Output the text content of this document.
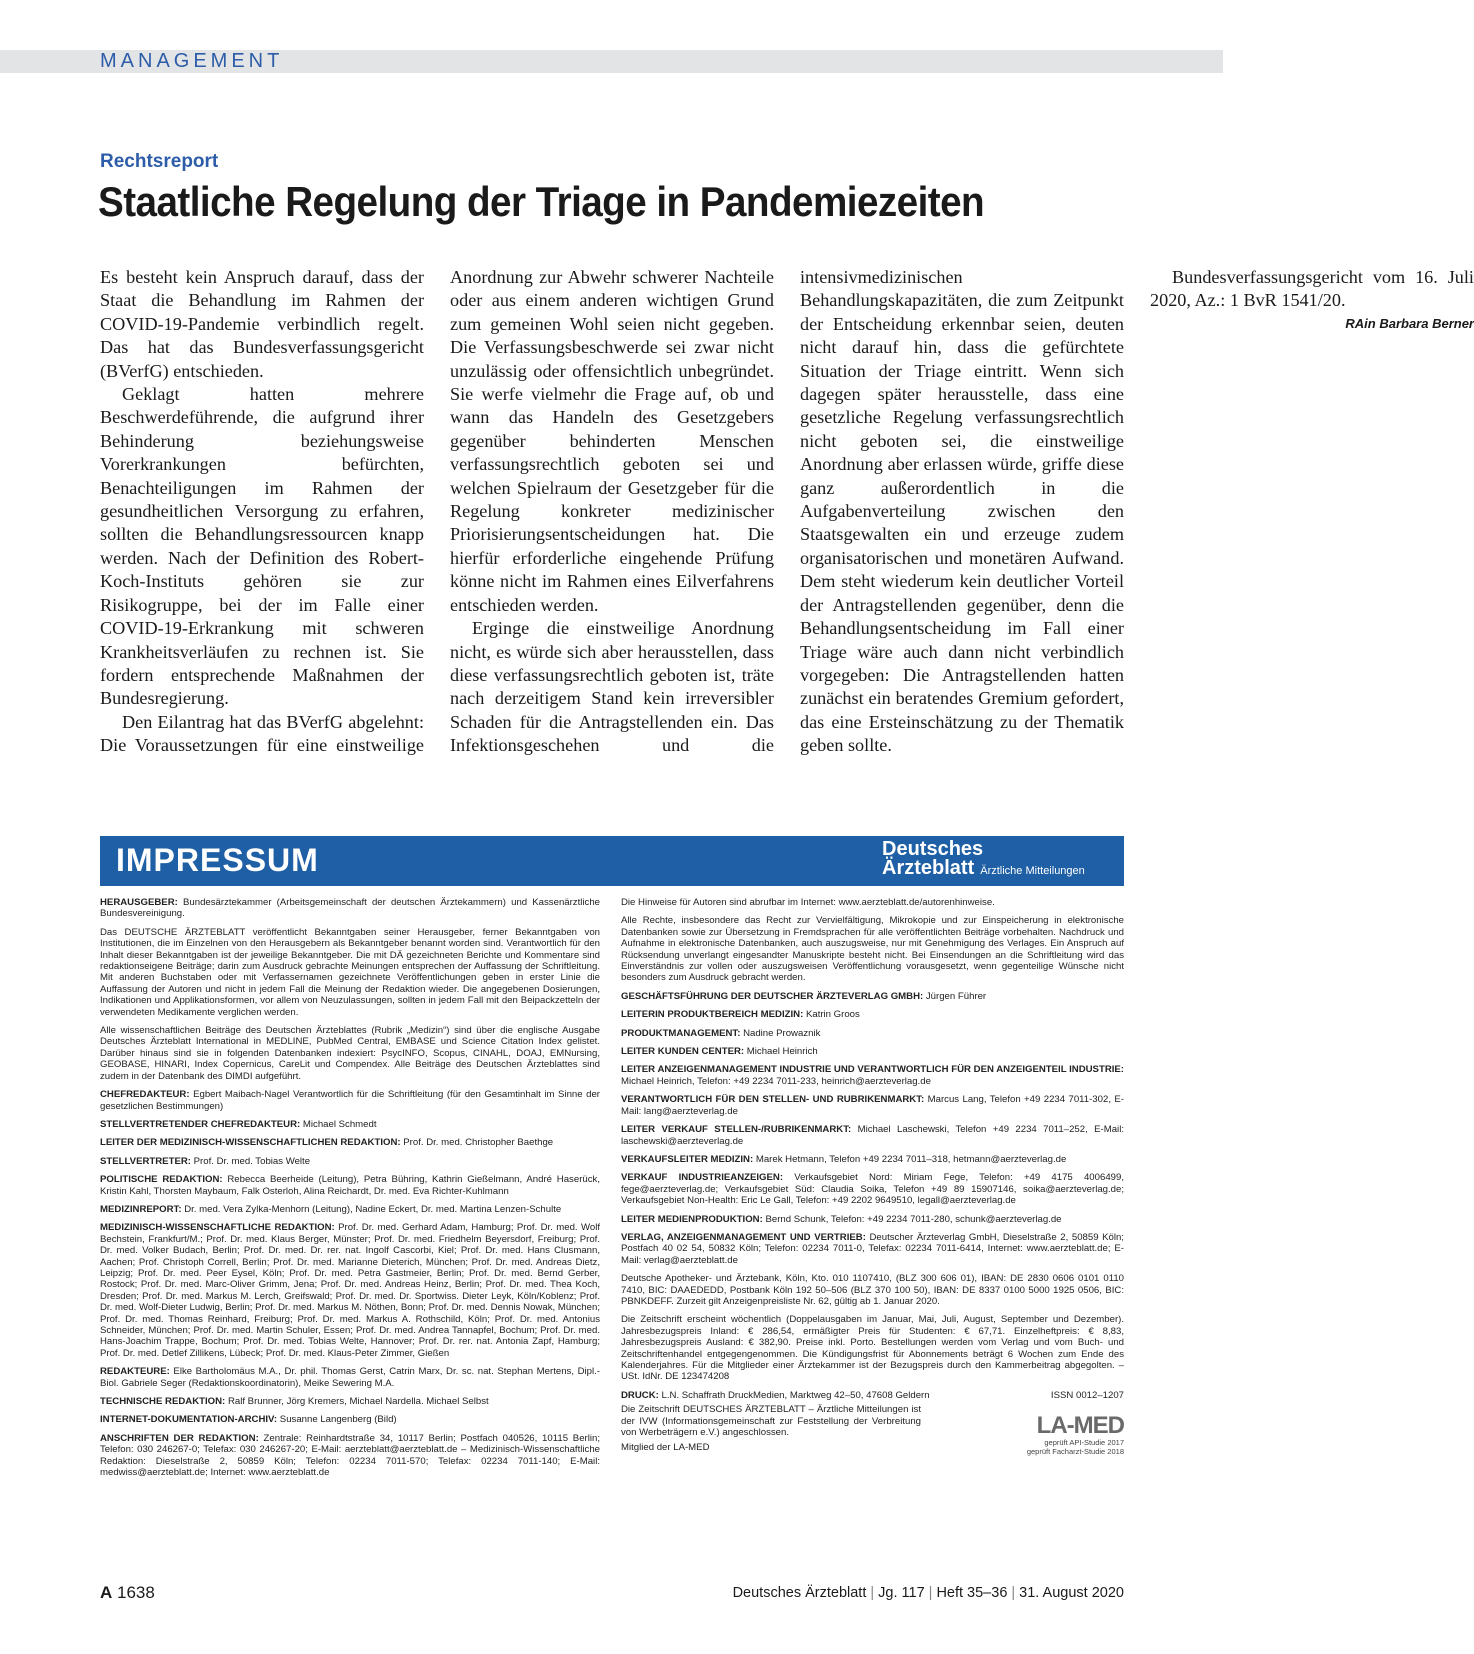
MANAGEMENT
Rechtsreport
Staatliche Regelung der Triage in Pandemiezeiten

Es besteht kein Anspruch darauf, dass der Staat die Behandlung im Rahmen der COVID-19-Pandemie verbindlich regelt. Das hat das Bundesverfassungsgericht (BVerfG) entschieden.

Geklagt hatten mehrere Beschwerdeführende, die aufgrund ihrer Behinderung beziehungsweise Vorerkrankungen befürchten, Benachteiligungen im Rahmen der gesundheitlichen Versorgung zu erfahren, sollten die Behandlungsressourcen knapp werden. Nach der Definition des Robert-Koch-Instituts gehören sie zur Risikogruppe, bei der im Falle einer COVID-19-Erkrankung mit schweren Krankheitsverläufen zu rechnen ist. Sie fordern entsprechende Maßnahmen der Bundesregierung.

Den Eilantrag hat das BVerfG abgelehnt: Die Voraussetzungen für eine einstweilige Anordnung zur Abwehr schwerer Nachteile oder aus einem anderen wichtigen Grund zum gemeinen Wohl seien nicht gegeben. Die Verfassungsbeschwerde sei zwar nicht unzulässig oder offensichtlich unbegründet. Sie werfe vielmehr die Frage auf, ob und wann das Handeln des Gesetzgebers gegenüber behinderten Menschen verfassungsrechtlich geboten sei und welchen Spielraum der Gesetzgeber für die Regelung konkreter medizinischer Priorisierungsentscheidungen hat. Die hierfür erforderliche eingehende Prüfung könne nicht im Rahmen eines Eilverfahrens entschieden werden.

Erginge die einstweilige Anordnung nicht, es würde sich aber herausstellen, dass diese verfassungsrechtlich geboten ist, träte nach derzeitigem Stand kein irreversibler Schaden für die Antragstellenden ein. Das Infektionsgeschehen und die intensivmedizinischen Behandlungskapazitäten, die zum Zeitpunkt der Entscheidung erkennbar seien, deuten nicht darauf hin, dass die gefürchtete Situation der Triage eintritt. Wenn sich dagegen später herausstelle, dass eine gesetzliche Regelung verfassungsrechtlich nicht geboten sei, die einstweilige Anordnung aber erlassen würde, griffe diese ganz außerordentlich in die Aufgabenverteilung zwischen den Staatsgewalten ein und erzeuge zudem organisatorischen und monetären Aufwand. Dem steht wiederum kein deutlicher Vorteil der Antragstellenden gegenüber, denn die Behandlungsentscheidung im Fall einer Triage wäre auch dann nicht verbindlich vorgegeben: Die Antragstellenden hatten zunächst ein beratendes Gremium gefordert, das eine Ersteinschätzung zu der Thematik geben sollte.

Bundesverfassungsgericht vom 16. Juli 2020, Az.: 1 BvR 1541/20.

RAin Barbara Berner
IMPRESSUM	Deutsches
Ärzteblatt Ärztliche Mitteilungen

HERAUSGEBER: Bundesärztekammer (Arbeitsgemeinschaft der deutschen Ärztekammern) und Kassenärztliche Bundesvereinigung.

Das DEUTSCHE ÄRZTEBLATT veröffentlicht Bekanntgaben seiner Herausgeber, ferner Bekanntgaben von Institutionen, die im Einzelnen von den Herausgebern als Bekanntgeber benannt worden sind. Verantwortlich für den Inhalt dieser Bekanntgaben ist der jeweilige Bekanntgeber. Die mit DÄ gezeichneten Berichte und Kommentare sind redaktionseigene Beiträge; darin zum Ausdruck gebrachte Meinungen entsprechen der Auffassung der Schriftleitung. Mit anderen Buchstaben oder mit Verfassernamen gezeichnete Veröffentlichungen geben in erster Linie die Auffassung der Autoren und nicht in jedem Fall die Meinung der Redaktion wieder. Die angegebenen Dosierungen, Indikationen und Applikationsformen, vor allem von Neuzulassungen, sollten in jedem Fall mit den Beipackzetteln der verwendeten Medikamente verglichen werden.

Alle wissenschaftlichen Beiträge des Deutschen Ärzteblattes (Rubrik „Medizin“) sind über die englische Ausgabe Deutsches Ärzteblatt International in MEDLINE, PubMed Central, EMBASE und Science Citation Index gelistet. Darüber hinaus sind sie in folgenden Datenbanken indexiert: PsycINFO, Scopus, CINAHL, DOAJ, EMNursing, GEOBASE, HINARI, Index Copernicus, CareLit und Compendex. Alle Beiträge des Deutschen Ärzteblattes sind zudem in der Datenbank des DIMDI aufgeführt.

CHEFREDAKTEUR: Egbert Maibach-Nagel Verantwortlich für die Schriftleitung (für den Gesamtinhalt im Sinne der gesetzlichen Bestimmungen)

STELLVERTRETENDER CHEFREDAKTEUR: Michael Schmedt

LEITER DER MEDIZINISCH-WISSENSCHAFTLICHEN REDAKTION: Prof. Dr. med. Christopher Baethge

STELLVERTRETER: Prof. Dr. med. Tobias Welte

POLITISCHE REDAKTION: Rebecca Beerheide (Leitung), Petra Bühring, Kathrin Gießelmann, André Haserück, Kristin Kahl, Thorsten Maybaum, Falk Osterloh, Alina Reichardt, Dr. med. Eva Richter-Kuhlmann

MEDIZINREPORT: Dr. med. Vera Zylka-Menhorn (Leitung), Nadine Eckert, Dr. med. Martina Lenzen-Schulte

MEDIZINISCH-WISSENSCHAFTLICHE REDAKTION: Prof. Dr. med. Gerhard Adam, Hamburg; Prof. Dr. med. Wolf Bechstein, Frankfurt/M.; Prof. Dr. med. Klaus Berger, Münster; Prof. Dr. med. Friedhelm Beyersdorf, Freiburg; Prof. Dr. med. Volker Budach, Berlin; Prof. Dr. med. Dr. rer. nat. Ingolf Cascorbi, Kiel; Prof. Dr. med. Hans Clusmann, Aachen; Prof. Christoph Correll, Berlin; Prof. Dr. med. Marianne Dieterich, München; Prof. Dr. med. Andreas Dietz, Leipzig; Prof. Dr. med. Peer Eysel, Köln; Prof. Dr. med. Petra Gastmeier, Berlin; Prof. Dr. med. Bernd Gerber, Rostock; Prof. Dr. med. Marc-Oliver Grimm, Jena; Prof. Dr. med. Andreas Heinz, Berlin; Prof. Dr. med. Thea Koch, Dresden; Prof. Dr. med. Markus M. Lerch, Greifswald; Prof. Dr. med. Dr. Sportwiss. Dieter Leyk, Köln/Koblenz; Prof. Dr. med. Wolf-Dieter Ludwig, Berlin; Prof. Dr. med. Markus M. Nöthen, Bonn; Prof. Dr. med. Dennis Nowak, München; Prof. Dr. med. Thomas Reinhard, Freiburg; Prof. Dr. med. Markus A. Rothschild, Köln; Prof. Dr. med. Antonius Schneider, München; Prof. Dr. med. Martin Schuler, Essen; Prof. Dr. med. Andrea Tannapfel, Bochum; Prof. Dr. med. Hans-Joachim Trappe, Bochum; Prof. Dr. med. Tobias Welte, Hannover; Prof. Dr. rer. nat. Antonia Zapf, Hamburg; Prof. Dr. med. Detlef Zillikens, Lübeck; Prof. Dr. med. Klaus-Peter Zimmer, Gießen

REDAKTEURE: Elke Bartholomäus M.A., Dr. phil. Thomas Gerst, Catrin Marx, Dr. sc. nat. Stephan Mertens, Dipl.-Biol. Gabriele Seger (Redaktionskoordinatorin), Meike Sewering M.A.

TECHNISCHE REDAKTION: Ralf Brunner, Jörg Kremers, Michael Nardella. Michael Selbst

INTERNET-DOKUMENTATION-ARCHIV: Susanne Langenberg (Bild)

ANSCHRIFTEN DER REDAKTION: Zentrale: Reinhardtstraße 34, 10117 Berlin; Postfach 040526, 10115 Berlin; Telefon: 030 246267-0; Telefax: 030 246267-20; E-Mail: aerzteblatt@aerzteblatt.de – Medizinisch-Wissenschaftliche Redaktion: Dieselstraße 2, 50859 Köln; Telefon: 02234 7011-570; Telefax: 02234 7011-140; E-Mail: medwiss@aerzteblatt.de; Internet: www.aerzteblatt.de

Die Hinweise für Autoren sind abrufbar im Internet: www.aerzteblatt.de/autorenhinweise.

Alle Rechte, insbesondere das Recht zur Vervielfältigung, Mikrokopie und zur Einspeicherung in elektronische Datenbanken sowie zur Übersetzung in Fremdsprachen für alle veröffentlichten Beiträge vorbehalten. Nachdruck und Aufnahme in elektronische Datenbanken, auch auszugsweise, nur mit Genehmigung des Verlages. Ein Anspruch auf Rücksendung unverlangt eingesandter Manuskripte besteht nicht. Bei Einsendungen an die Schriftleitung wird das Einverständnis zur vollen oder auszugsweisen Veröffentlichung vorausgesetzt, wenn gegenteilige Wünsche nicht besonders zum Ausdruck gebracht werden.

GESCHÄFTSFÜHRUNG DER DEUTSCHER ÄRZTEVERLAG GMBH: Jürgen Führer

LEITERIN PRODUKTBEREICH MEDIZIN: Katrin Groos

PRODUKTMANAGEMENT: Nadine Prowaznik

LEITER KUNDEN CENTER: Michael Heinrich

LEITER ANZEIGENMANAGEMENT INDUSTRIE UND VERANTWORTLICH FÜR DEN ANZEIGENTEIL INDUSTRIE: Michael Heinrich, Telefon: +49 2234 7011-233, heinrich@aerzteverlag.de

VERANTWORTLICH FÜR DEN STELLEN- UND RUBRIKENMARKT: Marcus Lang, Telefon +49 2234 7011-302, E-Mail: lang@aerzteverlag.de

LEITER VERKAUF STELLEN-/RUBRIKENMARKT: Michael Laschewski, Telefon +49 2234 7011–252, E-Mail: laschewski@aerzteverlag.de

VERKAUFSLEITER MEDIZIN: Marek Hetmann, Telefon +49 2234 7011–318, hetmann@aerzteverlag.de

VERKAUF INDUSTRIEANZEIGEN: Verkaufsgebiet Nord: Miriam Fege, Telefon: +49 4175 4006499, fege@aerzteverlag.de; Verkaufsgebiet Süd: Claudia Soika, Telefon +49 89 15907146, soika@aerzteverlag.de; Verkaufsgebiet Non-Health: Eric Le Gall, Telefon: +49 2202 9649510, legall@aerzteverlag.de

LEITER MEDIENPRODUKTION: Bernd Schunk, Telefon: +49 2234 7011-280, schunk@aerzteverlag.de

VERLAG, ANZEIGENMANAGEMENT UND VERTRIEB: Deutscher Ärzteverlag GmbH, Dieselstraße 2, 50859 Köln; Postfach 40 02 54, 50832 Köln; Telefon: 02234 7011-0, Telefax: 02234 7011-6414, Internet: www.aerzteblatt.de; E-Mail: verlag@aerzteblatt.de

Deutsche Apotheker- und Ärztebank, Köln, Kto. 010 1107410, (BLZ 300 606 01), IBAN: DE 2830 0606 0101 0110 7410, BIC: DAAEDEDD, Postbank Köln 192 50–506 (BLZ 370 100 50), IBAN: DE 8337 0100 5000 1925 0506, BIC: PBNKDEFF. Zurzeit gilt Anzeigenpreisliste Nr. 62, gültig ab 1. Januar 2020.

Die Zeitschrift erscheint wöchentlich (Doppelausgaben im Januar, Mai, Juli, August, September und Dezember). Jahresbezugspreis Inland: € 286,54, ermäßigter Preis für Studenten: € 67,71. Einzelheftpreis: € 8,83, Jahresbezugspreis Ausland: € 382,90. Preise inkl. Porto. Bestellungen werden vom Verlag und vom Buch- und Zeitschriftenhandel entgegengenommen. Die Kündigungsfrist für Abonnements beträgt 6 Wochen zum Ende des Kalenderjahres. Für die Mitglieder einer Ärztekammer ist der Bezugspreis durch den Kammerbeitrag abgegolten. – USt. IdNr. DE 123474208

DRUCK: L.N. Schaffrath DruckMedien, Marktweg 42–50, 47608 Geldern	ISSN 0012–1207

Die Zeitschrift DEUTSCHES ÄRZTEBLATT – Ärztliche Mitteilungen ist der IVW (Informationsgemeinschaft zur Feststellung der Verbreitung von Werbeträgern e.V.) angeschlossen.

Mitglied der LA-MED

LA-MED
geprüft API-Studie 2017
geprüft Facharzt-Studie 2018
A 1638	Deutsches Ärzteblatt | Jg. 117 | Heft 35–36 | 31. August 2020
